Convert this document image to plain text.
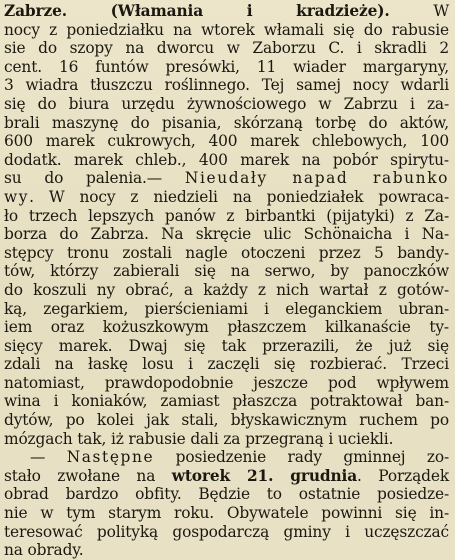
Zabrze. (Włamania i kradzieże). W
nocy z poniedziałku na wtorek włamali się do rabusie
sie do szopy na dworcu w Zaborzu C. i skradli 2
cent. 16 funtów presówki, 11 wiader margaryny,
3 wiadra tłuszczu roślinnego. Tej samej nocy wdarli
się do biura urzędu żywnościowego w Zabrzu i za-
brali maszynę do pisania, skórzaną torbę do aktów,
600 marek cukrowych, 400 marek chlebowych, 100
dodatk. marek chleb., 400 marek na pobór spirytu-
su do palenia.— Nieudały napad rabunko
wy. W nocy z niedzieli na poniedziałek powraca-
ło trzech lepszych panów z birbantki (pijatyki) z Za-
borza do Zabrza. Na skręcie ulic Schönaicha i Na-
stępcy tronu zostali nagle otoczeni przez 5 bandy-
tów, którzy zabierali się na serwo, by panoczków
do koszuli ny obrać, a każdy z nich wartał z gotów-
ką, zegarkiem, pierścieniami i eleganckiem ubran-
iem oraz kożuszkowym płaszczem kilkanaście ty-
sięcy marek. Dwaj się tak przerazili, że już się
zdali na łaskę losu i zaczęli się rozbierać. Trzeci
natomiast, prawdopodobnie jeszcze pod wpływem
wina i koniaków, zamiast płaszcza potraktował ban-
dytów, po kolei jak stali, błyskawicznym ruchem po
mózgach tak, iż rabusie dali za przegraną i uciekli.
— Następne posiedzenie rady gminnej zo-
stało zwołane na wtorek 21. grudnia. Porządek
obrad bardzo obfity. Będzie to ostatnie posiedze-
nie w tym starym roku. Obywatele powinni się in-
teresować polityką gospodarczą gminy i uczęszczać
na obrady.
